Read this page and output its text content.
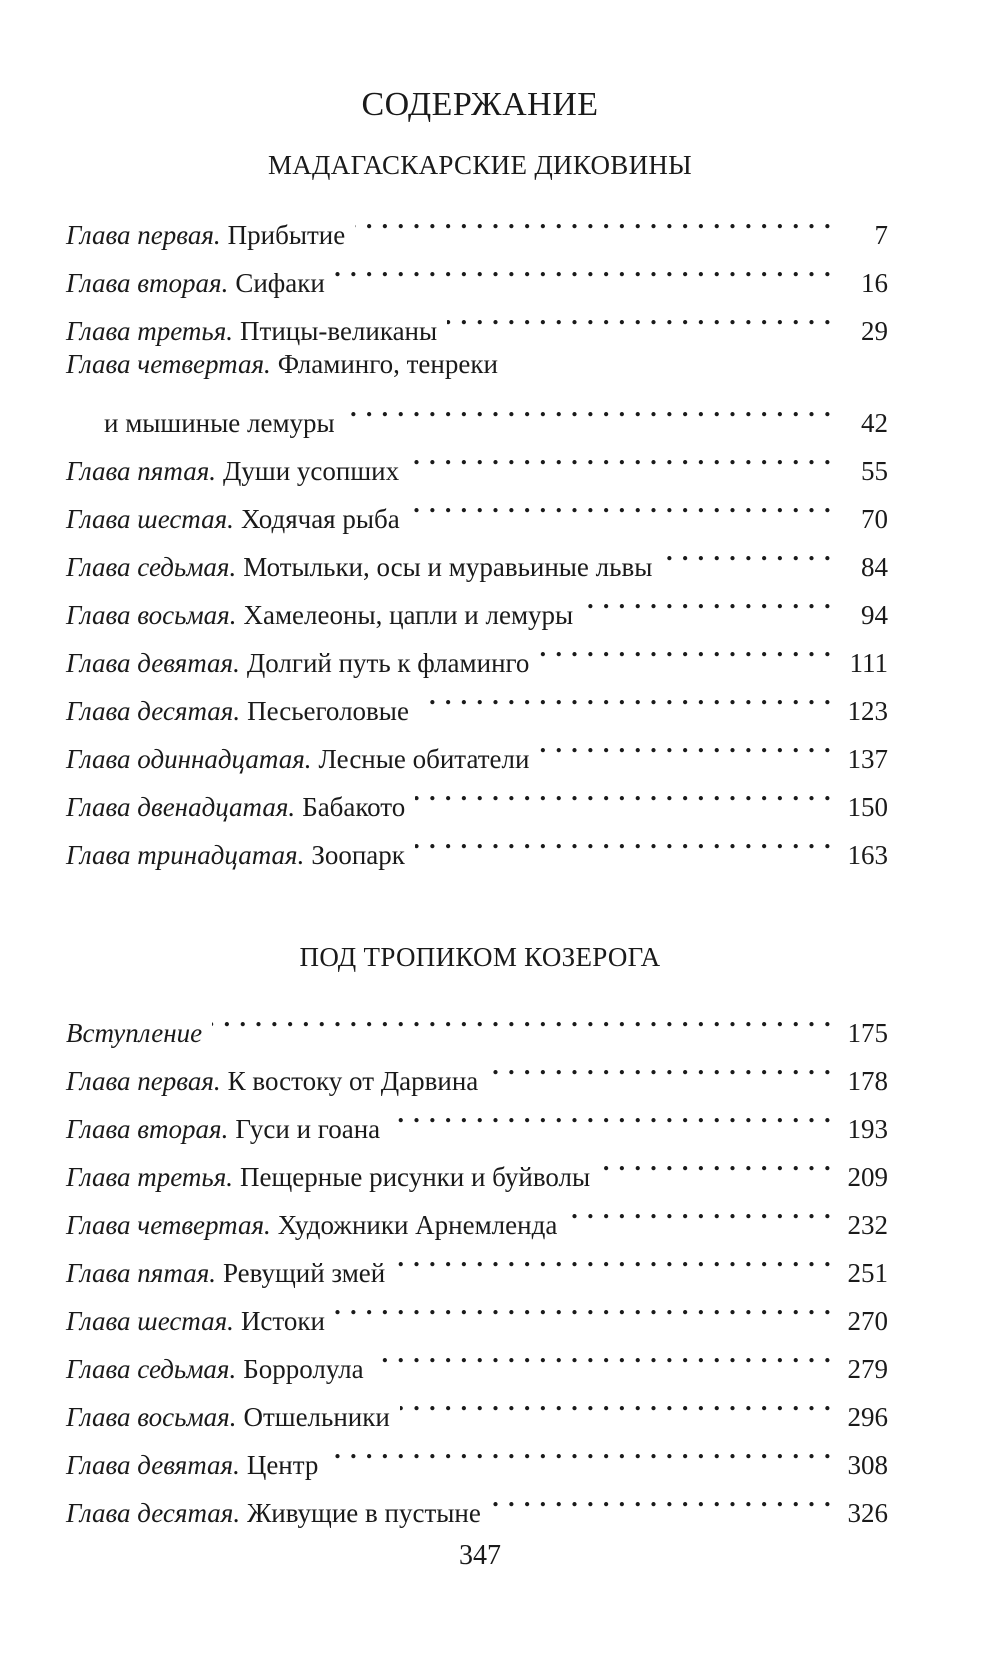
СОДЕРЖАНИЕ
МАДАГАСКАРСКИЕ ДИКОВИНЫ
Глава первая. Прибытие . . .	7
Глава вторая. Сифаки . . .	16
Глава третья. Птицы-великаны . . .	29
Глава четвертая. Фламинго, тенреки
и мышиные лемуры . . .	42
Глава пятая. Души усопших . . .	55
Глава шестая. Ходячая рыба . . .	70
Глава седьмая. Мотыльки, осы и муравьиные львы . . .	84
Глава восьмая. Хамелеоны, цапли и лемуры . . .	94
Глава девятая. Долгий путь к фламинго . . .	111
Глава десятая. Песьеголовые . . .	123
Глава одиннадцатая. Лесные обитатели . . .	137
Глава двенадцатая. Бабакото . . .	150
Глава тринадцатая. Зоопарк . . .	163
ПОД ТРОПИКОМ КОЗЕРОГА
Вступление . . .	175
Глава первая. К востоку от Дарвина . . .	178
Глава вторая. Гуси и гоана . . .	193
Глава третья. Пещерные рисунки и буйволы . . .	209
Глава четвертая. Художники Арнемленда . . .	232
Глава пятая. Ревущий змей . . .	251
Глава шестая. Истоки . . .	270
Глава седьмая. Борролула . . .	279
Глава восьмая. Отшельники . . .	296
Глава девятая. Центр . . .	308
Глава десятая. Живущие в пустыне . . .	326
347
